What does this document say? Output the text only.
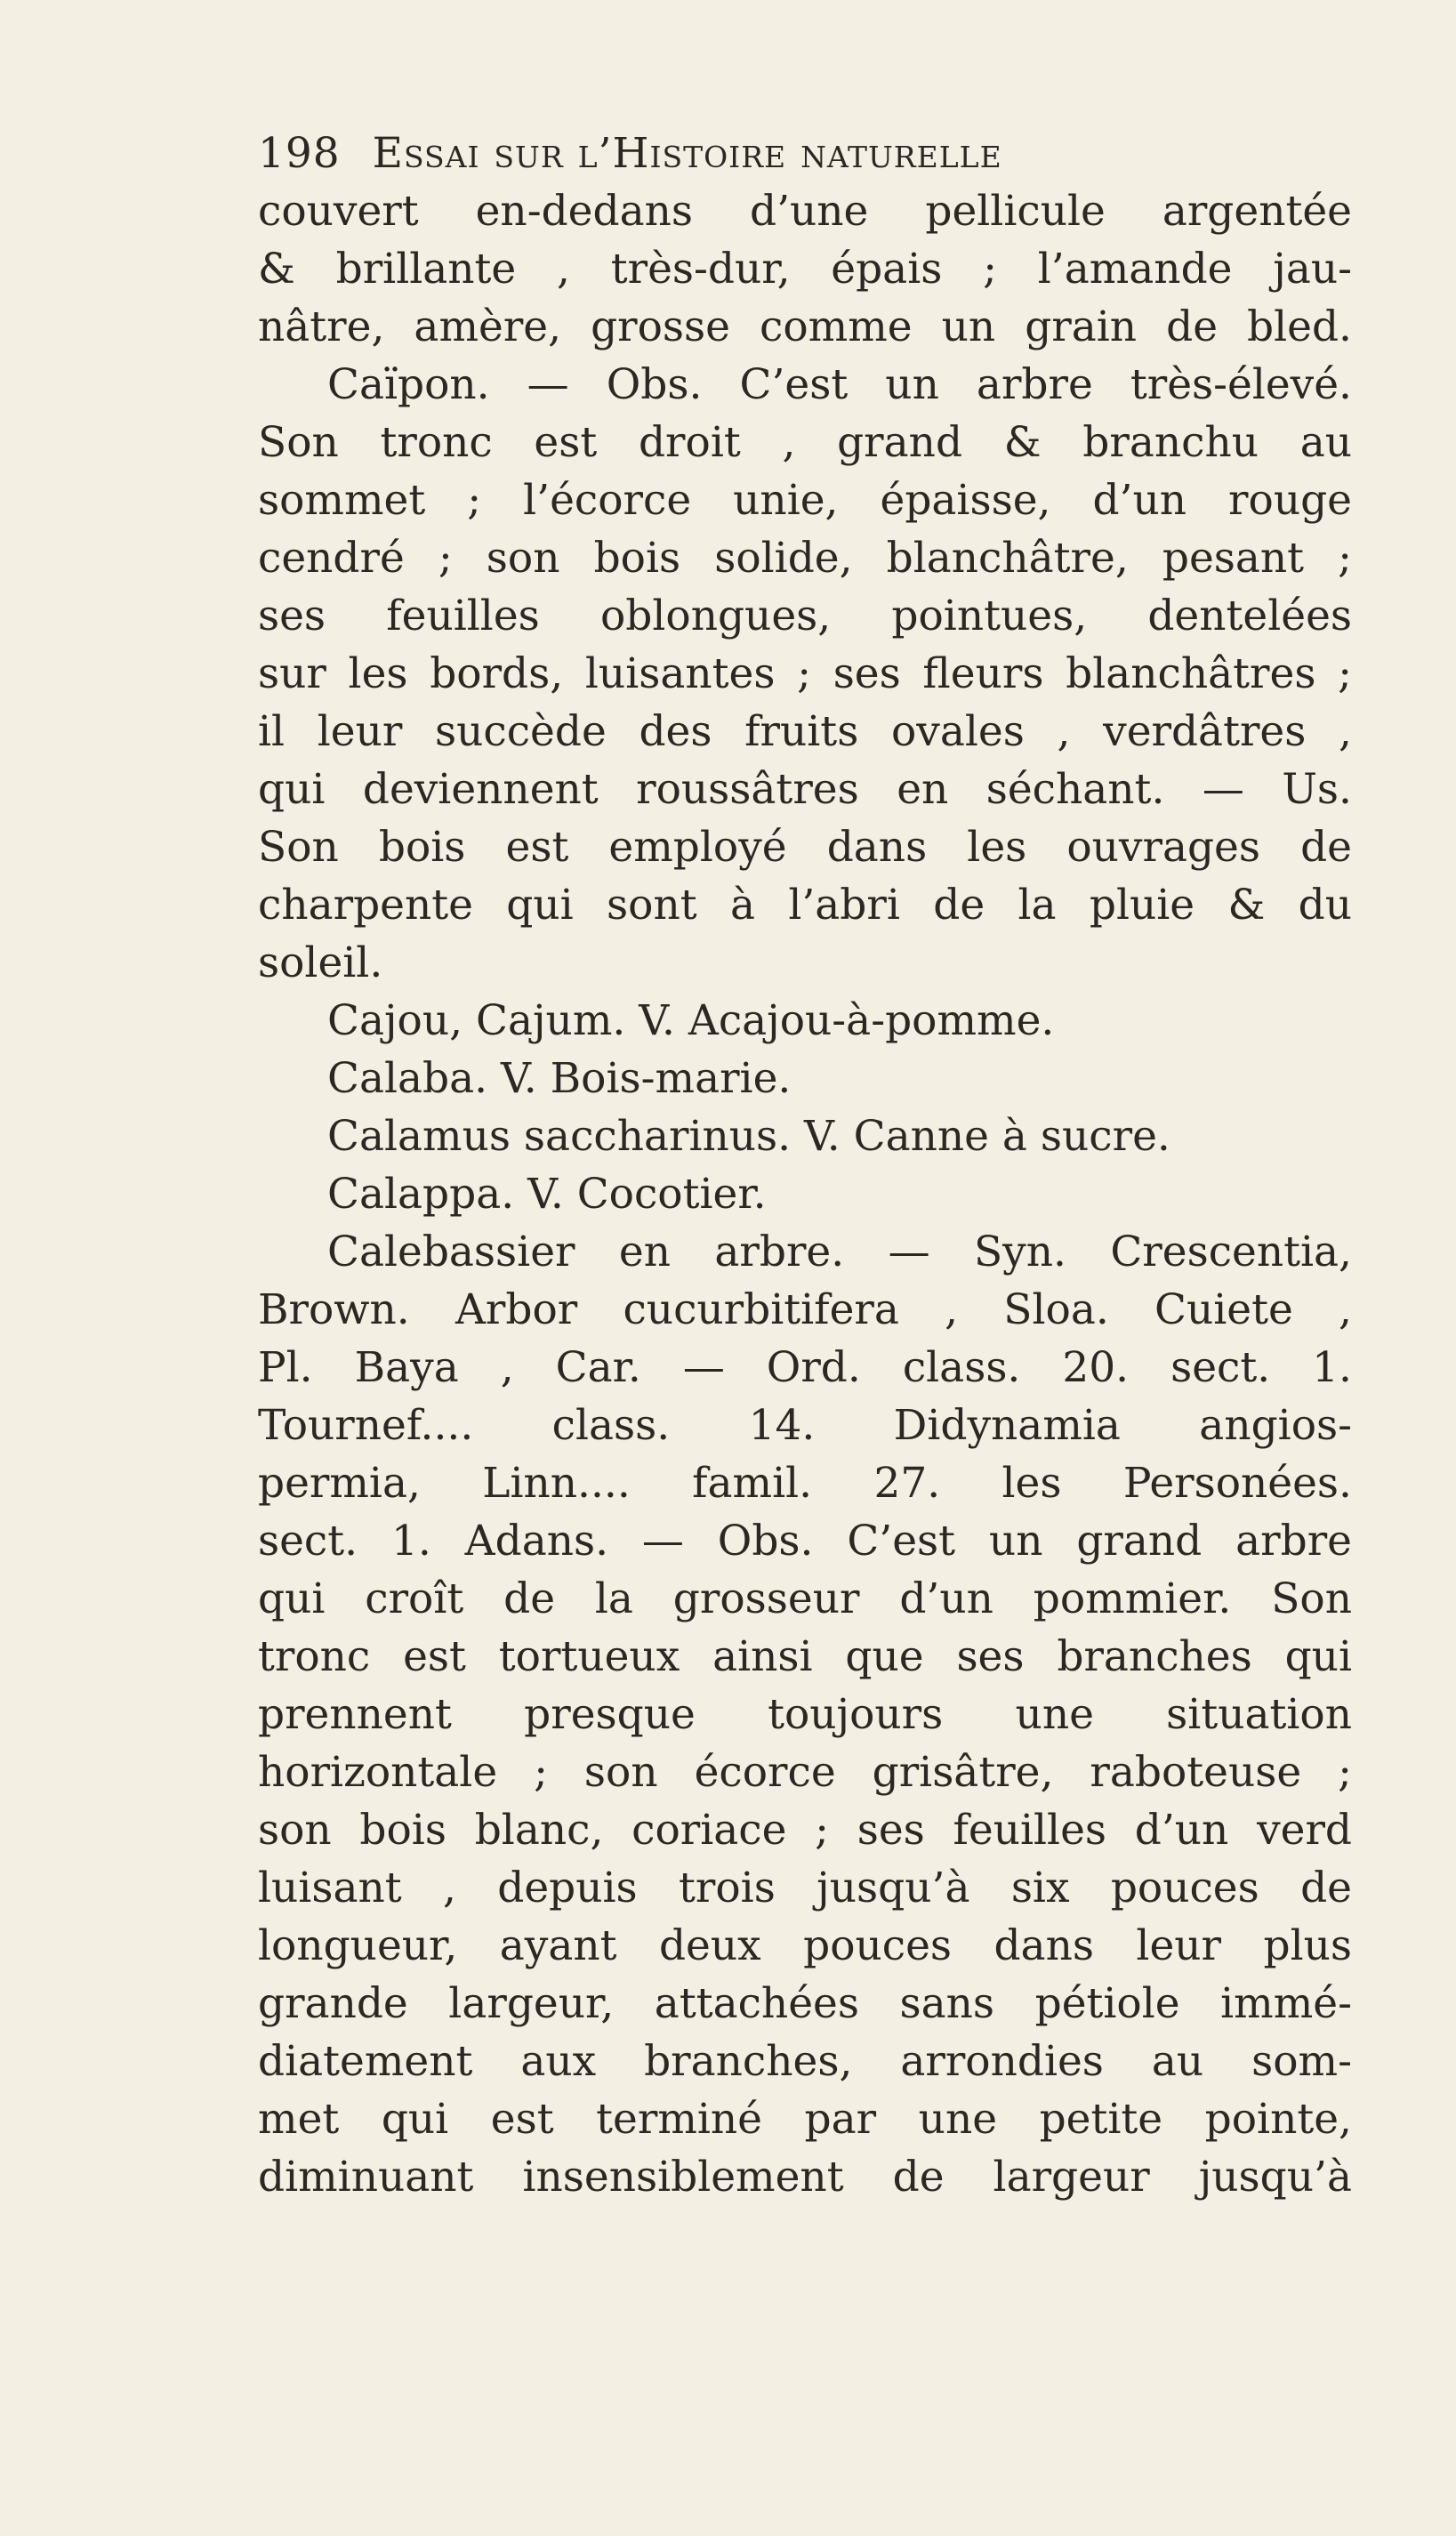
198 Essai sur l’Histoire naturelle
couvert en-dedans d’une pellicule argentée
& brillante , très-dur, épais ; l’amande jau-
nâtre, amère, grosse comme un grain de bled.
Caïpon. — Obs. C’est un arbre très-élevé.
Son tronc est droit , grand & branchu au
sommet ; l’écorce unie, épaisse, d’un rouge
cendré ; son bois solide, blanchâtre, pesant ;
ses feuilles oblongues, pointues, dentelées
sur les bords, luisantes ; ses fleurs blanchâtres ;
il leur succède des fruits ovales , verdâtres ,
qui deviennent roussâtres en séchant. — Us.
Son bois est employé dans les ouvrages de
charpente qui sont à l’abri de la pluie & du
soleil.
Cajou, Cajum. V. Acajou-à-pomme.
Calaba. V. Bois-marie.
Calamus saccharinus. V. Canne à sucre.
Calappa. V. Cocotier.
Calebassier en arbre. — Syn. Crescentia,
Brown. Arbor cucurbitifera , Sloa. Cuiete ,
Pl. Baya , Car. — Ord. class. 20. sect. 1.
Tournef.... class. 14. Didynamia angios-
permia, Linn.... famil. 27. les Personées.
sect. 1. Adans. — Obs. C’est un grand arbre
qui croît de la grosseur d’un pommier. Son
tronc est tortueux ainsi que ses branches qui
prennent presque toujours une situation
horizontale ; son écorce grisâtre, raboteuse ;
son bois blanc, coriace ; ses feuilles d’un verd
luisant , depuis trois jusqu’à six pouces de
longueur, ayant deux pouces dans leur plus
grande largeur, attachées sans pétiole immé-
diatement aux branches, arrondies au som-
met qui est terminé par une petite pointe,
diminuant insensiblement de largeur jusqu’à
